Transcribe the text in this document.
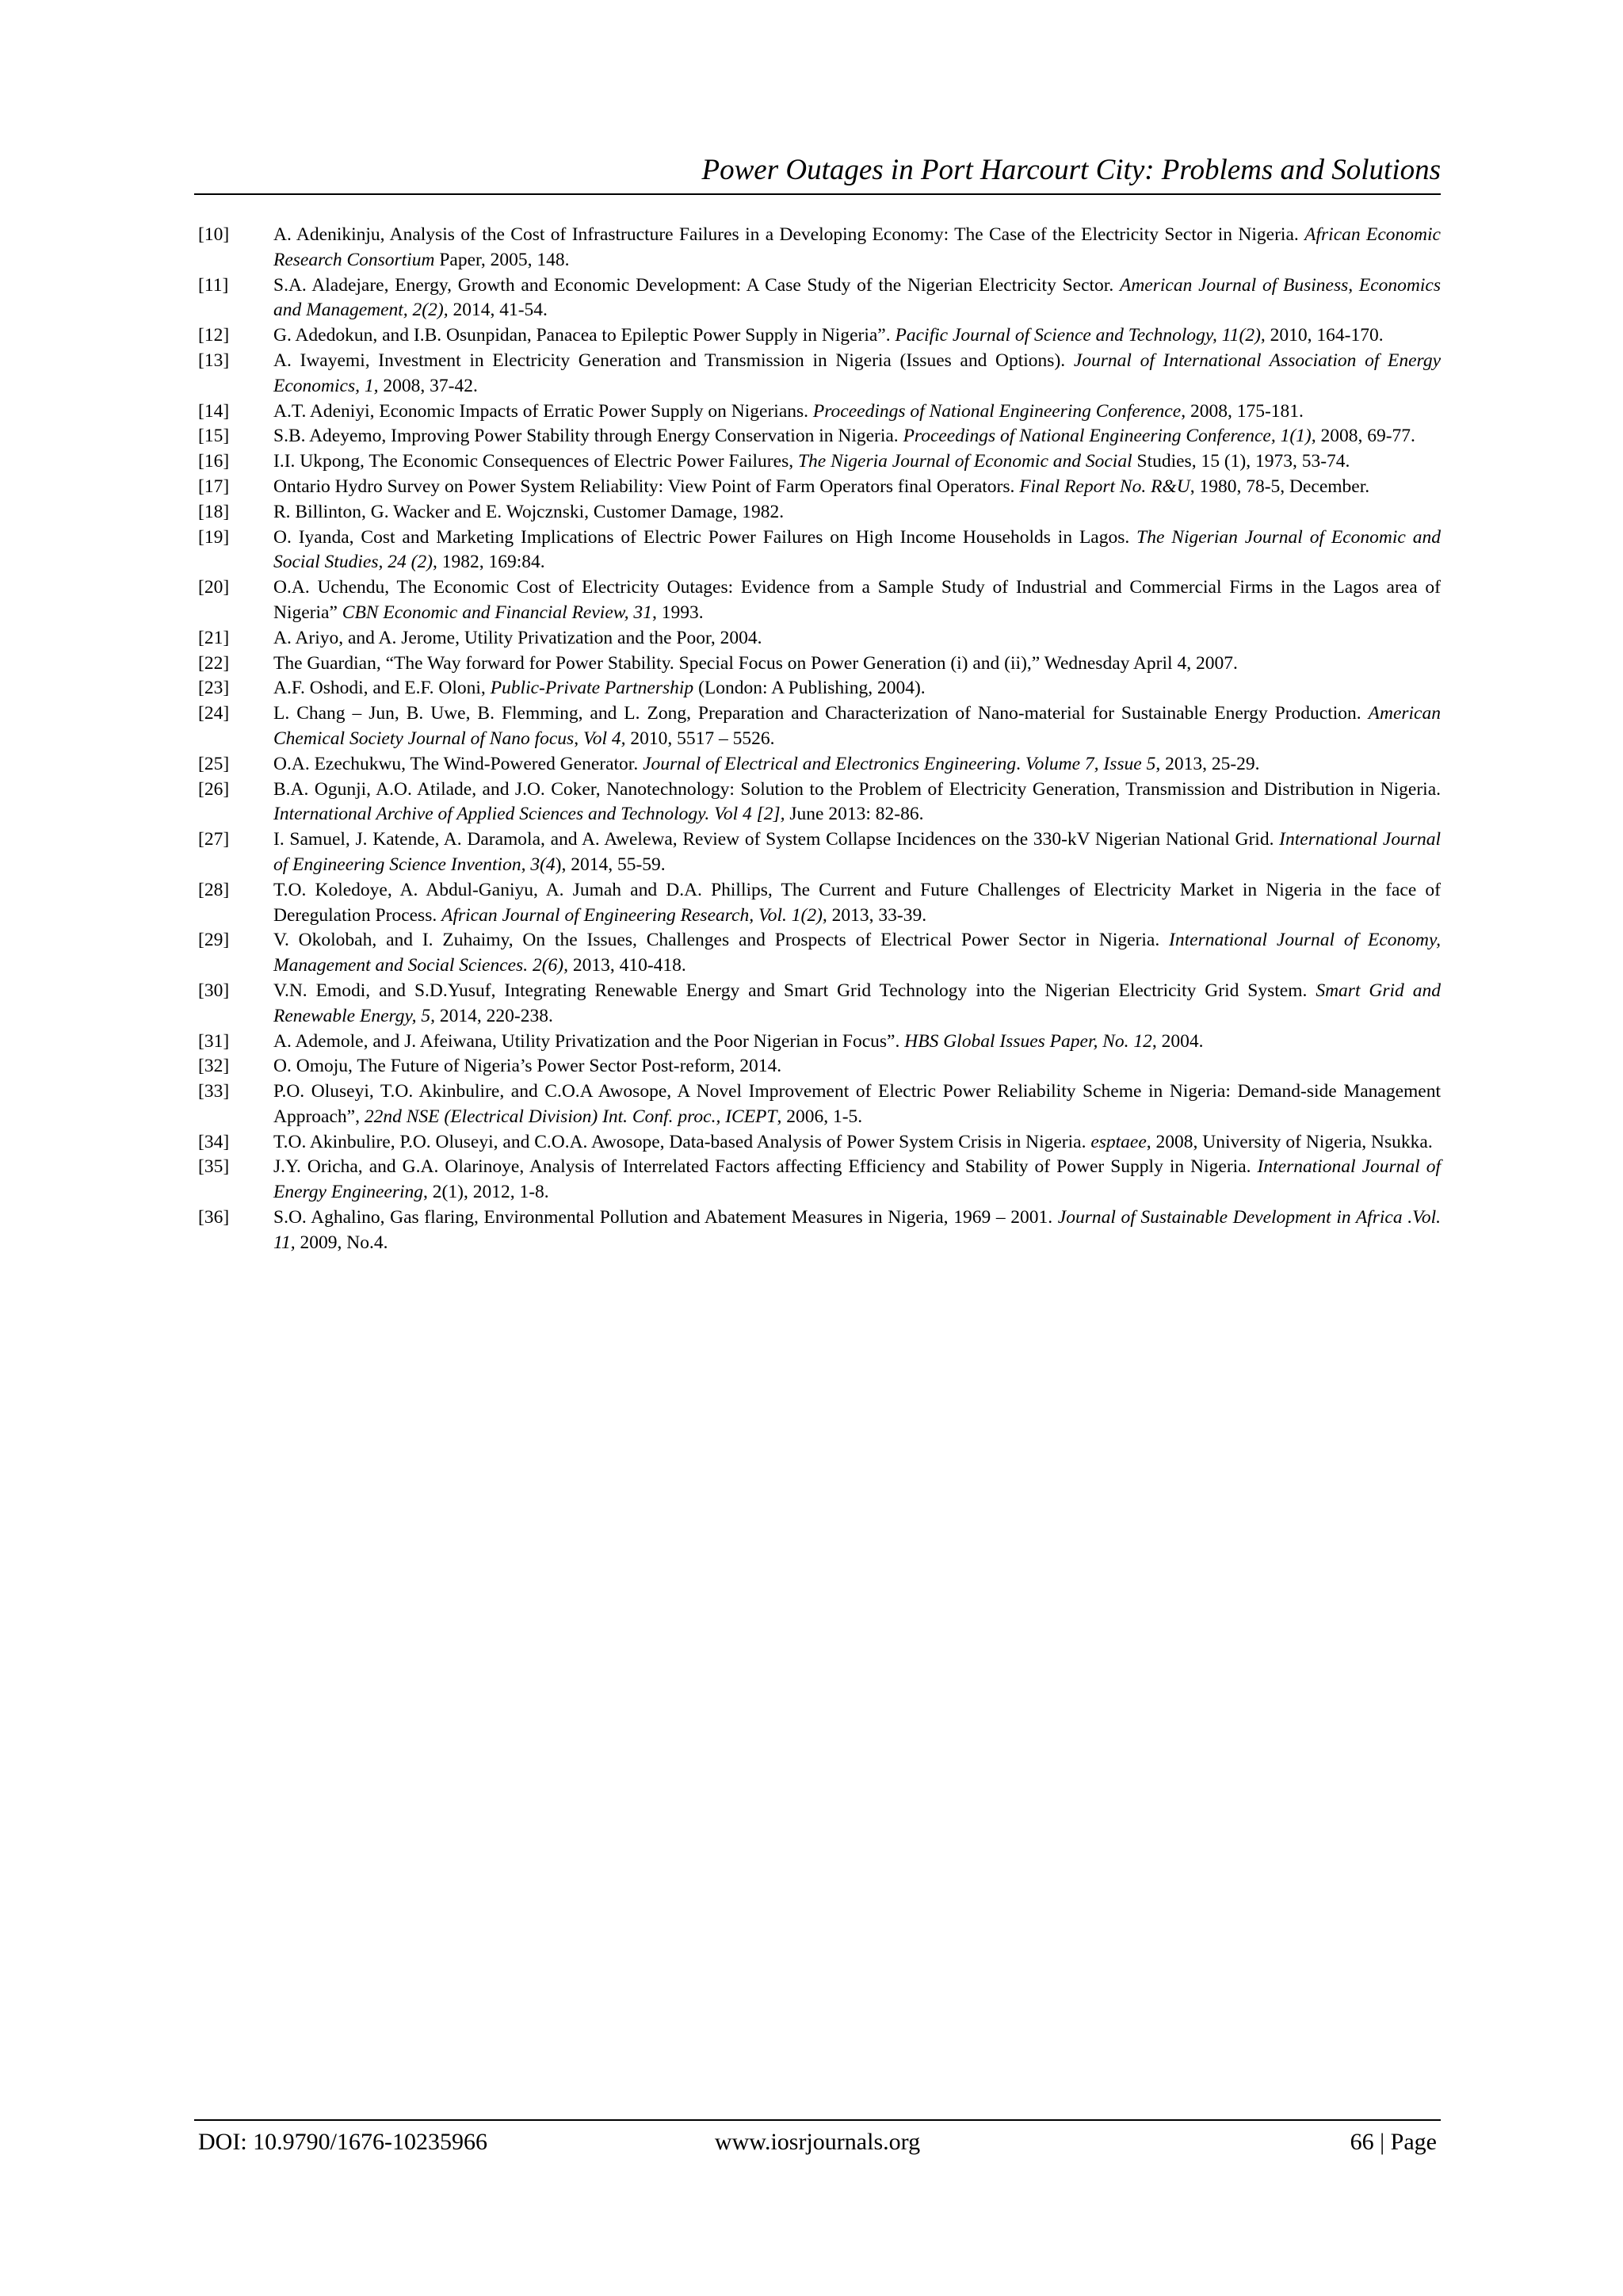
Power Outages in Port Harcourt City: Problems and Solutions
[10]	A. Adenikinju, Analysis of the Cost of Infrastructure Failures in a Developing Economy: The Case of the Electricity Sector in Nigeria. African Economic Research Consortium Paper, 2005, 148.
[11]	S.A. Aladejare, Energy, Growth and Economic Development: A Case Study of the Nigerian Electricity Sector. American Journal of Business, Economics and Management, 2(2), 2014, 41-54.
[12]	G. Adedokun, and I.B. Osunpidan, Panacea to Epileptic Power Supply in Nigeria”. Pacific Journal of Science and Technology, 11(2), 2010, 164-170.
[13]	A. Iwayemi, Investment in Electricity Generation and Transmission in Nigeria (Issues and Options). Journal of International Association of Energy Economics, 1, 2008, 37-42.
[14]	A.T. Adeniyi, Economic Impacts of Erratic Power Supply on Nigerians. Proceedings of National Engineering Conference, 2008, 175-181.
[15]	S.B. Adeyemo, Improving Power Stability through Energy Conservation in Nigeria. Proceedings of National Engineering Conference, 1(1), 2008, 69-77.
[16]	I.I. Ukpong, The Economic Consequences of Electric Power Failures, The Nigeria Journal of Economic and Social Studies, 15 (1), 1973, 53-74.
[17]	Ontario Hydro Survey on Power System Reliability: View Point of Farm Operators final Operators. Final Report No. R&U, 1980, 78-5, December.
[18]	R. Billinton, G. Wacker and E. Wojcznski, Customer Damage, 1982.
[19]	O. Iyanda, Cost and Marketing Implications of Electric Power Failures on High Income Households in Lagos. The Nigerian Journal of Economic and Social Studies, 24 (2), 1982, 169:84.
[20]	O.A. Uchendu, The Economic Cost of Electricity Outages: Evidence from a Sample Study of Industrial and Commercial Firms in the Lagos area of Nigeria” CBN Economic and Financial Review, 31, 1993.
[21]	A. Ariyo, and A. Jerome, Utility Privatization and the Poor, 2004.
[22]	The Guardian, “The Way forward for Power Stability. Special Focus on Power Generation (i) and (ii),” Wednesday April 4, 2007.
[23]	A.F. Oshodi, and E.F. Oloni, Public-Private Partnership (London: A Publishing, 2004).
[24]	L. Chang – Jun, B. Uwe, B. Flemming, and L. Zong, Preparation and Characterization of Nano-material for Sustainable Energy Production. American Chemical Society Journal of Nano focus, Vol 4, 2010, 5517 – 5526.
[25]	O.A. Ezechukwu, The Wind-Powered Generator. Journal of Electrical and Electronics Engineering. Volume 7, Issue 5, 2013, 25-29.
[26]	B.A. Ogunji, A.O. Atilade, and J.O. Coker, Nanotechnology: Solution to the Problem of Electricity Generation, Transmission and Distribution in Nigeria. International Archive of Applied Sciences and Technology. Vol 4 [2], June 2013: 82-86.
[27]	I. Samuel, J. Katende, A. Daramola, and A. Awelewa, Review of System Collapse Incidences on the 330-kV Nigerian National Grid. International Journal of Engineering Science Invention, 3(4), 2014, 55-59.
[28]	T.O. Koledoye, A. Abdul-Ganiyu, A. Jumah and D.A. Phillips, The Current and Future Challenges of Electricity Market in Nigeria in the face of Deregulation Process. African Journal of Engineering Research, Vol. 1(2), 2013, 33-39.
[29]	V. Okolobah, and I. Zuhaimy, On the Issues, Challenges and Prospects of Electrical Power Sector in Nigeria. International Journal of Economy, Management and Social Sciences. 2(6), 2013, 410-418.
[30]	V.N. Emodi, and S.D.Yusuf, Integrating Renewable Energy and Smart Grid Technology into the Nigerian Electricity Grid System. Smart Grid and Renewable Energy, 5, 2014, 220-238.
[31]	A. Ademole, and J. Afeiwana, Utility Privatization and the Poor Nigerian in Focus”. HBS Global Issues Paper, No. 12, 2004.
[32]	O. Omoju, The Future of Nigeria’s Power Sector Post-reform, 2014.
[33]	P.O. Oluseyi, T.O. Akinbulire, and C.O.A Awosope, A Novel Improvement of Electric Power Reliability Scheme in Nigeria: Demand-side Management Approach”, 22nd NSE (Electrical Division) Int. Conf. proc., ICEPT, 2006, 1-5.
[34]	T.O. Akinbulire, P.O. Oluseyi, and C.O.A. Awosope, Data-based Analysis of Power System Crisis in Nigeria. esptaee, 2008, University of Nigeria, Nsukka.
[35]	J.Y. Oricha, and G.A. Olarinoye, Analysis of Interrelated Factors affecting Efficiency and Stability of Power Supply in Nigeria. International Journal of Energy Engineering, 2(1), 2012, 1-8.
[36]	S.O. Aghalino, Gas flaring, Environmental Pollution and Abatement Measures in Nigeria, 1969 – 2001. Journal of Sustainable Development in Africa .Vol. 11, 2009, No.4.
DOI: 10.9790/1676-10235966	www.iosrjournals.org	66 | Page
